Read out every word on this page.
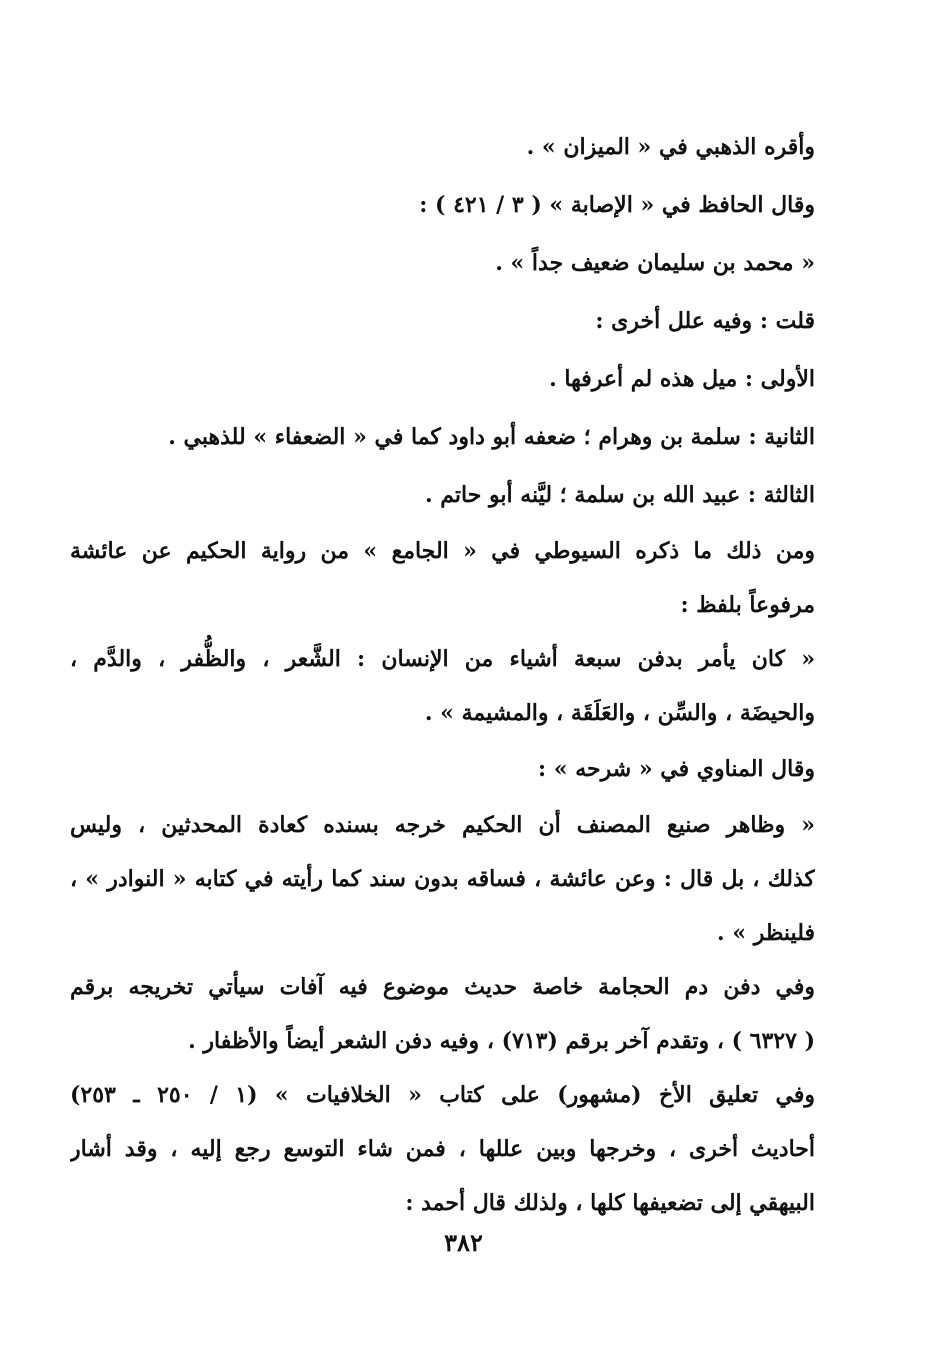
وأقره الذهبي في « الميزان » .
وقال الحافظ في « الإصابة » ( ٣ / ٤٢١ ) :
« محمد بن سليمان ضعيف جداً » .
قلت : وفيه علل أخرى :
الأولى : ميل هذه لم أعرفها .
الثانية : سلمة بن وهرام ؛ ضعفه أبو داود كما في « الضعفاء » للذهبي .
الثالثة : عبيد الله بن سلمة ؛ ليَّنه أبو حاتم .
ومن ذلك ما ذكره السيوطي في « الجامع » من رواية الحكيم عن عائشة
مرفوعاً بلفظ :
« كان يأمر بدفن سبعة أشياء من الإنسان : الشَّعر ، والظُّفر ، والدَّم ،
والحيضَة ، والسِّن ، والعَلَقَة ، والمشيمة » .
وقال المناوي في « شرحه » :
« وظاهر صنيع المصنف أن الحكيم خرجه بسنده كعادة المحدثين ، وليس
كذلك ، بل قال : وعن عائشة ، فساقه بدون سند كما رأيته في كتابه « النوادر » ،
فلينظر » .
وفي دفن دم الحجامة خاصة حديث موضوع فيه آفات سيأتي تخريجه برقم
( ٦٣٢٧ ) ، وتقدم آخر برقم (٧١٣) ، وفيه دفن الشعر أيضاً والأظفار .
وفي تعليق الأخ (مشهور) على كتاب « الخلافيات » (١ / ٢٥٠ ـ ٢٥٣)
أحاديث أخرى ، وخرجها وبين عللها ، فمن شاء التوسع رجع إليه ، وقد أشار
البيهقي إلى تضعيفها كلها ، ولذلك قال أحمد :
٣٨٢
